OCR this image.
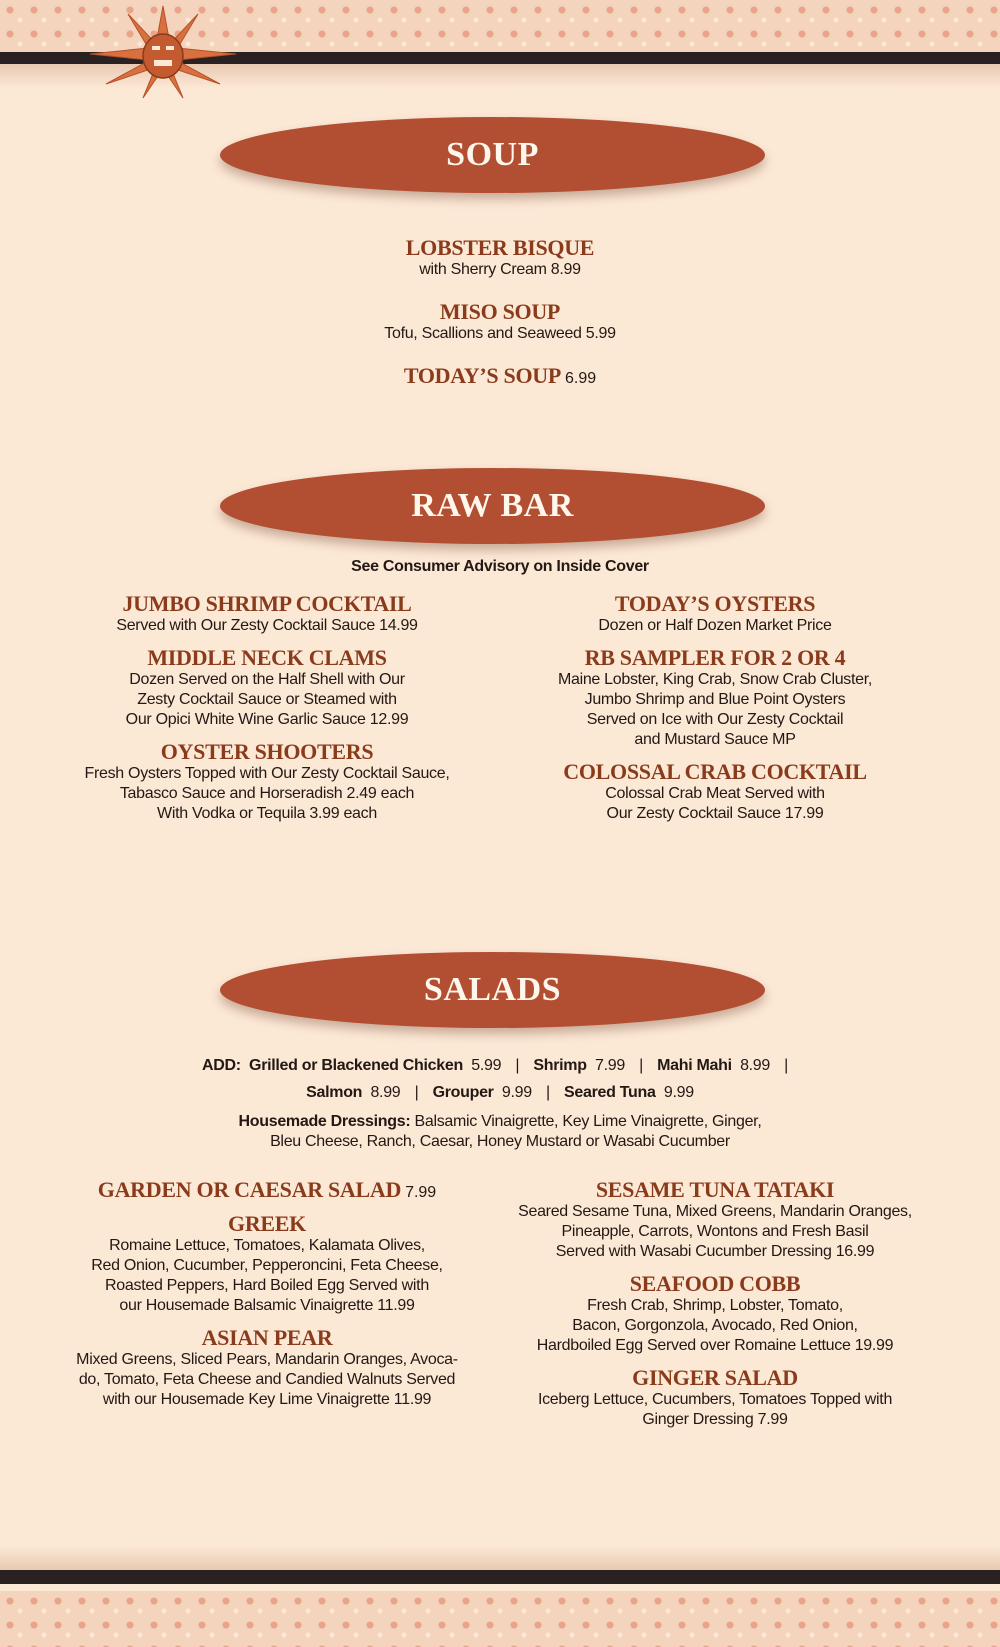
SOUP
LOBSTER BISQUE
with Sherry Cream 8.99
MISO SOUP
Tofu, Scallions and Seaweed 5.99
TODAY’S SOUP 6.99
RAW BAR
See Consumer Advisory on Inside Cover
JUMBO SHRIMP COCKTAIL
Served with Our Zesty Cocktail Sauce 14.99
MIDDLE NECK CLAMS
Dozen Served on the Half Shell with Our
Zesty Cocktail Sauce or Steamed with
Our Opici White Wine Garlic Sauce 12.99
OYSTER SHOOTERS
Fresh Oysters Topped with Our Zesty Cocktail Sauce,
Tabasco Sauce and Horseradish 2.49 each
With Vodka or Tequila 3.99 each
TODAY’S OYSTERS
Dozen or Half Dozen Market Price
RB SAMPLER FOR 2 OR 4
Maine Lobster, King Crab, Snow Crab Cluster,
Jumbo Shrimp and Blue Point Oysters
Served on Ice with Our Zesty Cocktail
and Mustard Sauce MP
COLOSSAL CRAB COCKTAIL
Colossal Crab Meat Served with
Our Zesty Cocktail Sauce 17.99
SALADS
ADD: Grilled or Blackened Chicken 5.99 | Shrimp 7.99 | Mahi Mahi 8.99 |
Salmon 8.99 | Grouper 9.99 | Seared Tuna 9.99
Housemade Dressings: Balsamic Vinaigrette, Key Lime Vinaigrette, Ginger,
Bleu Cheese, Ranch, Caesar, Honey Mustard or Wasabi Cucumber
GARDEN OR CAESAR SALAD 7.99
GREEK
Romaine Lettuce, Tomatoes, Kalamata Olives,
Red Onion, Cucumber, Pepperoncini, Feta Cheese,
Roasted Peppers, Hard Boiled Egg Served with
our Housemade Balsamic Vinaigrette 11.99
ASIAN PEAR
Mixed Greens, Sliced Pears, Mandarin Oranges, Avoca-
do, Tomato, Feta Cheese and Candied Walnuts Served
with our Housemade Key Lime Vinaigrette 11.99
SESAME TUNA TATAKI
Seared Sesame Tuna, Mixed Greens, Mandarin Oranges,
Pineapple, Carrots, Wontons and Fresh Basil
Served with Wasabi Cucumber Dressing 16.99
SEAFOOD COBB
Fresh Crab, Shrimp, Lobster, Tomato,
Bacon, Gorgonzola, Avocado, Red Onion,
Hardboiled Egg Served over Romaine Lettuce 19.99
GINGER SALAD
Iceberg Lettuce, Cucumbers, Tomatoes Topped with
Ginger Dressing 7.99
